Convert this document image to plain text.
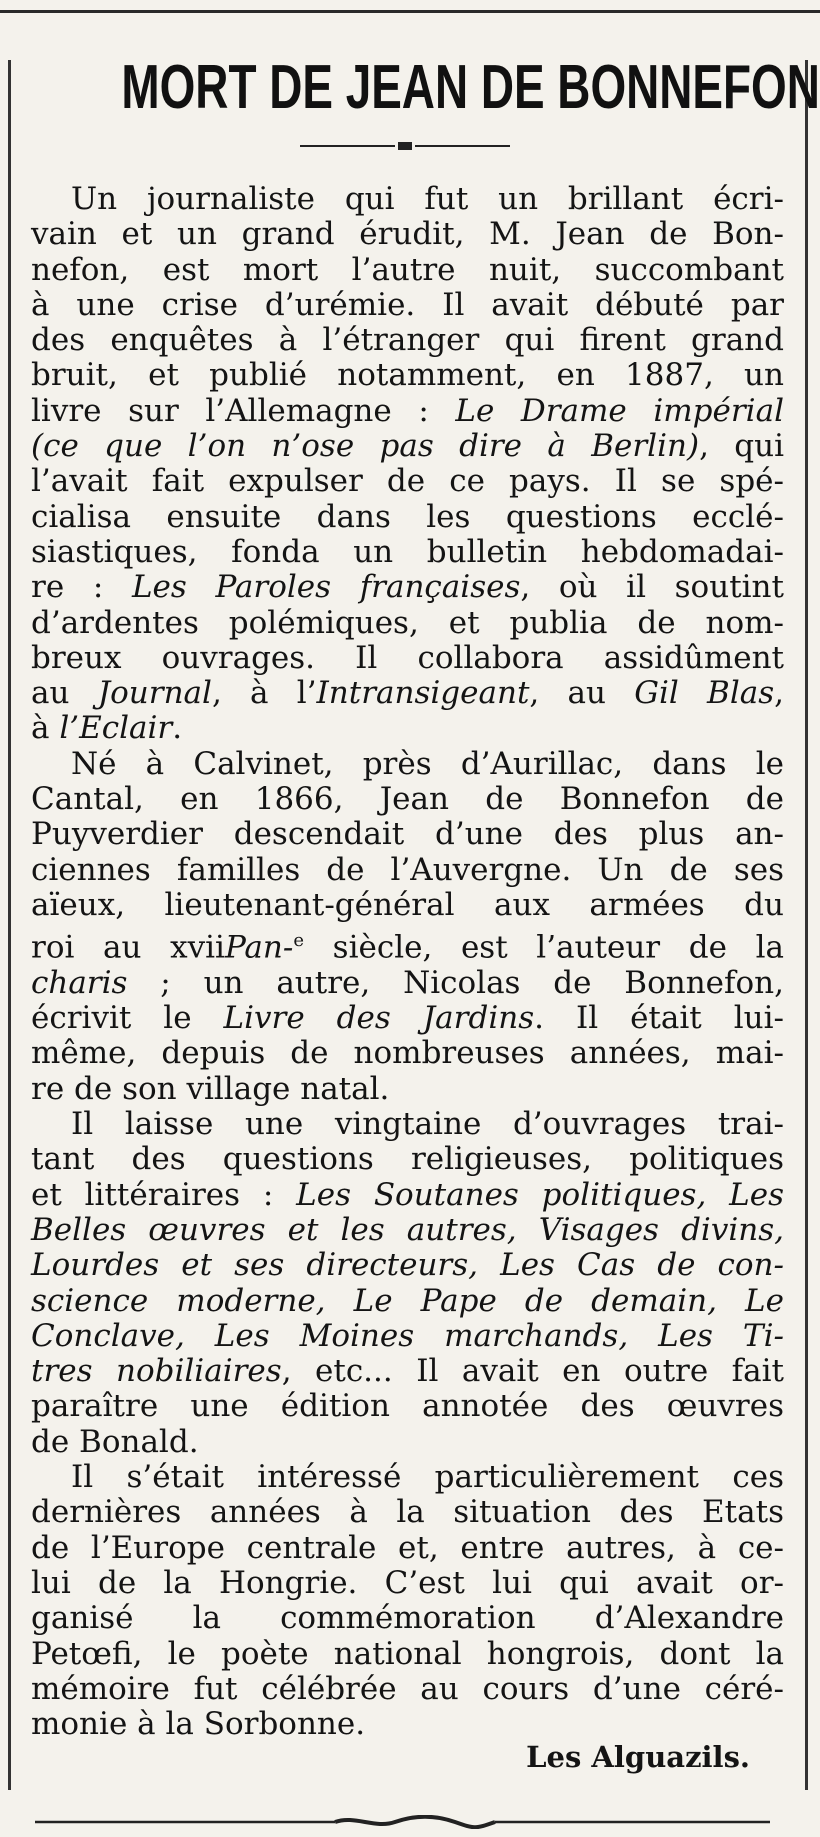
MORT DE JEAN DE BONNEFON
Un journaliste qui fut un brillant écri-
vain et un grand érudit, M. Jean de Bon-
nefon, est mort l’autre nuit, succombant
à une crise d’urémie. Il avait débuté par
des enquêtes à l’étranger qui firent grand
bruit, et publié notamment, en 1887, un
livre sur l’Allemagne : Le Drame impérial
(ce que l’on n’ose pas dire à Berlin), qui
l’avait fait expulser de ce pays. Il se spé-
cialisa ensuite dans les questions ecclé-
siastiques, fonda un bulletin hebdomadai-
re : Les Paroles françaises, où il soutint
d’ardentes polémiques, et publia de nom-
breux ouvrages. Il collabora assidûment
au Journal, à l’Intransigeant, au Gil Blas,
à l’Eclair.
Né à Calvinet, près d’Aurillac, dans le
Cantal, en 1866, Jean de Bonnefon de
Puyverdier descendait d’une des plus an-
ciennes familles de l’Auvergne. Un de ses
aïeux, lieutenant-général aux armées du
roi au xviiPan-$^e$ siècle, est l’auteur de la
charis ; un autre, Nicolas de Bonnefon,
écrivit le Livre des Jardins. Il était lui-
même, depuis de nombreuses années, mai-
re de son village natal.
Il laisse une vingtaine d’ouvrages trai-
tant des questions religieuses, politiques
et littéraires : Les Soutanes politiques, Les
Belles œuvres et les autres, Visages divins,
Lourdes et ses directeurs, Les Cas de con-
science moderne, Le Pape de demain, Le
Conclave, Les Moines marchands, Les Ti-
tres nobiliaires, etc... Il avait en outre fait
paraître une édition annotée des œuvres
de Bonald.
Il s’était intéressé particulièrement ces
dernières années à la situation des Etats
de l’Europe centrale et, entre autres, à ce-
lui de la Hongrie. C’est lui qui avait or-
ganisé la commémoration d’Alexandre
Petœfi, le poète national hongrois, dont la
mémoire fut célébrée au cours d’une céré-
monie à la Sorbonne.
Les Alguazils.
